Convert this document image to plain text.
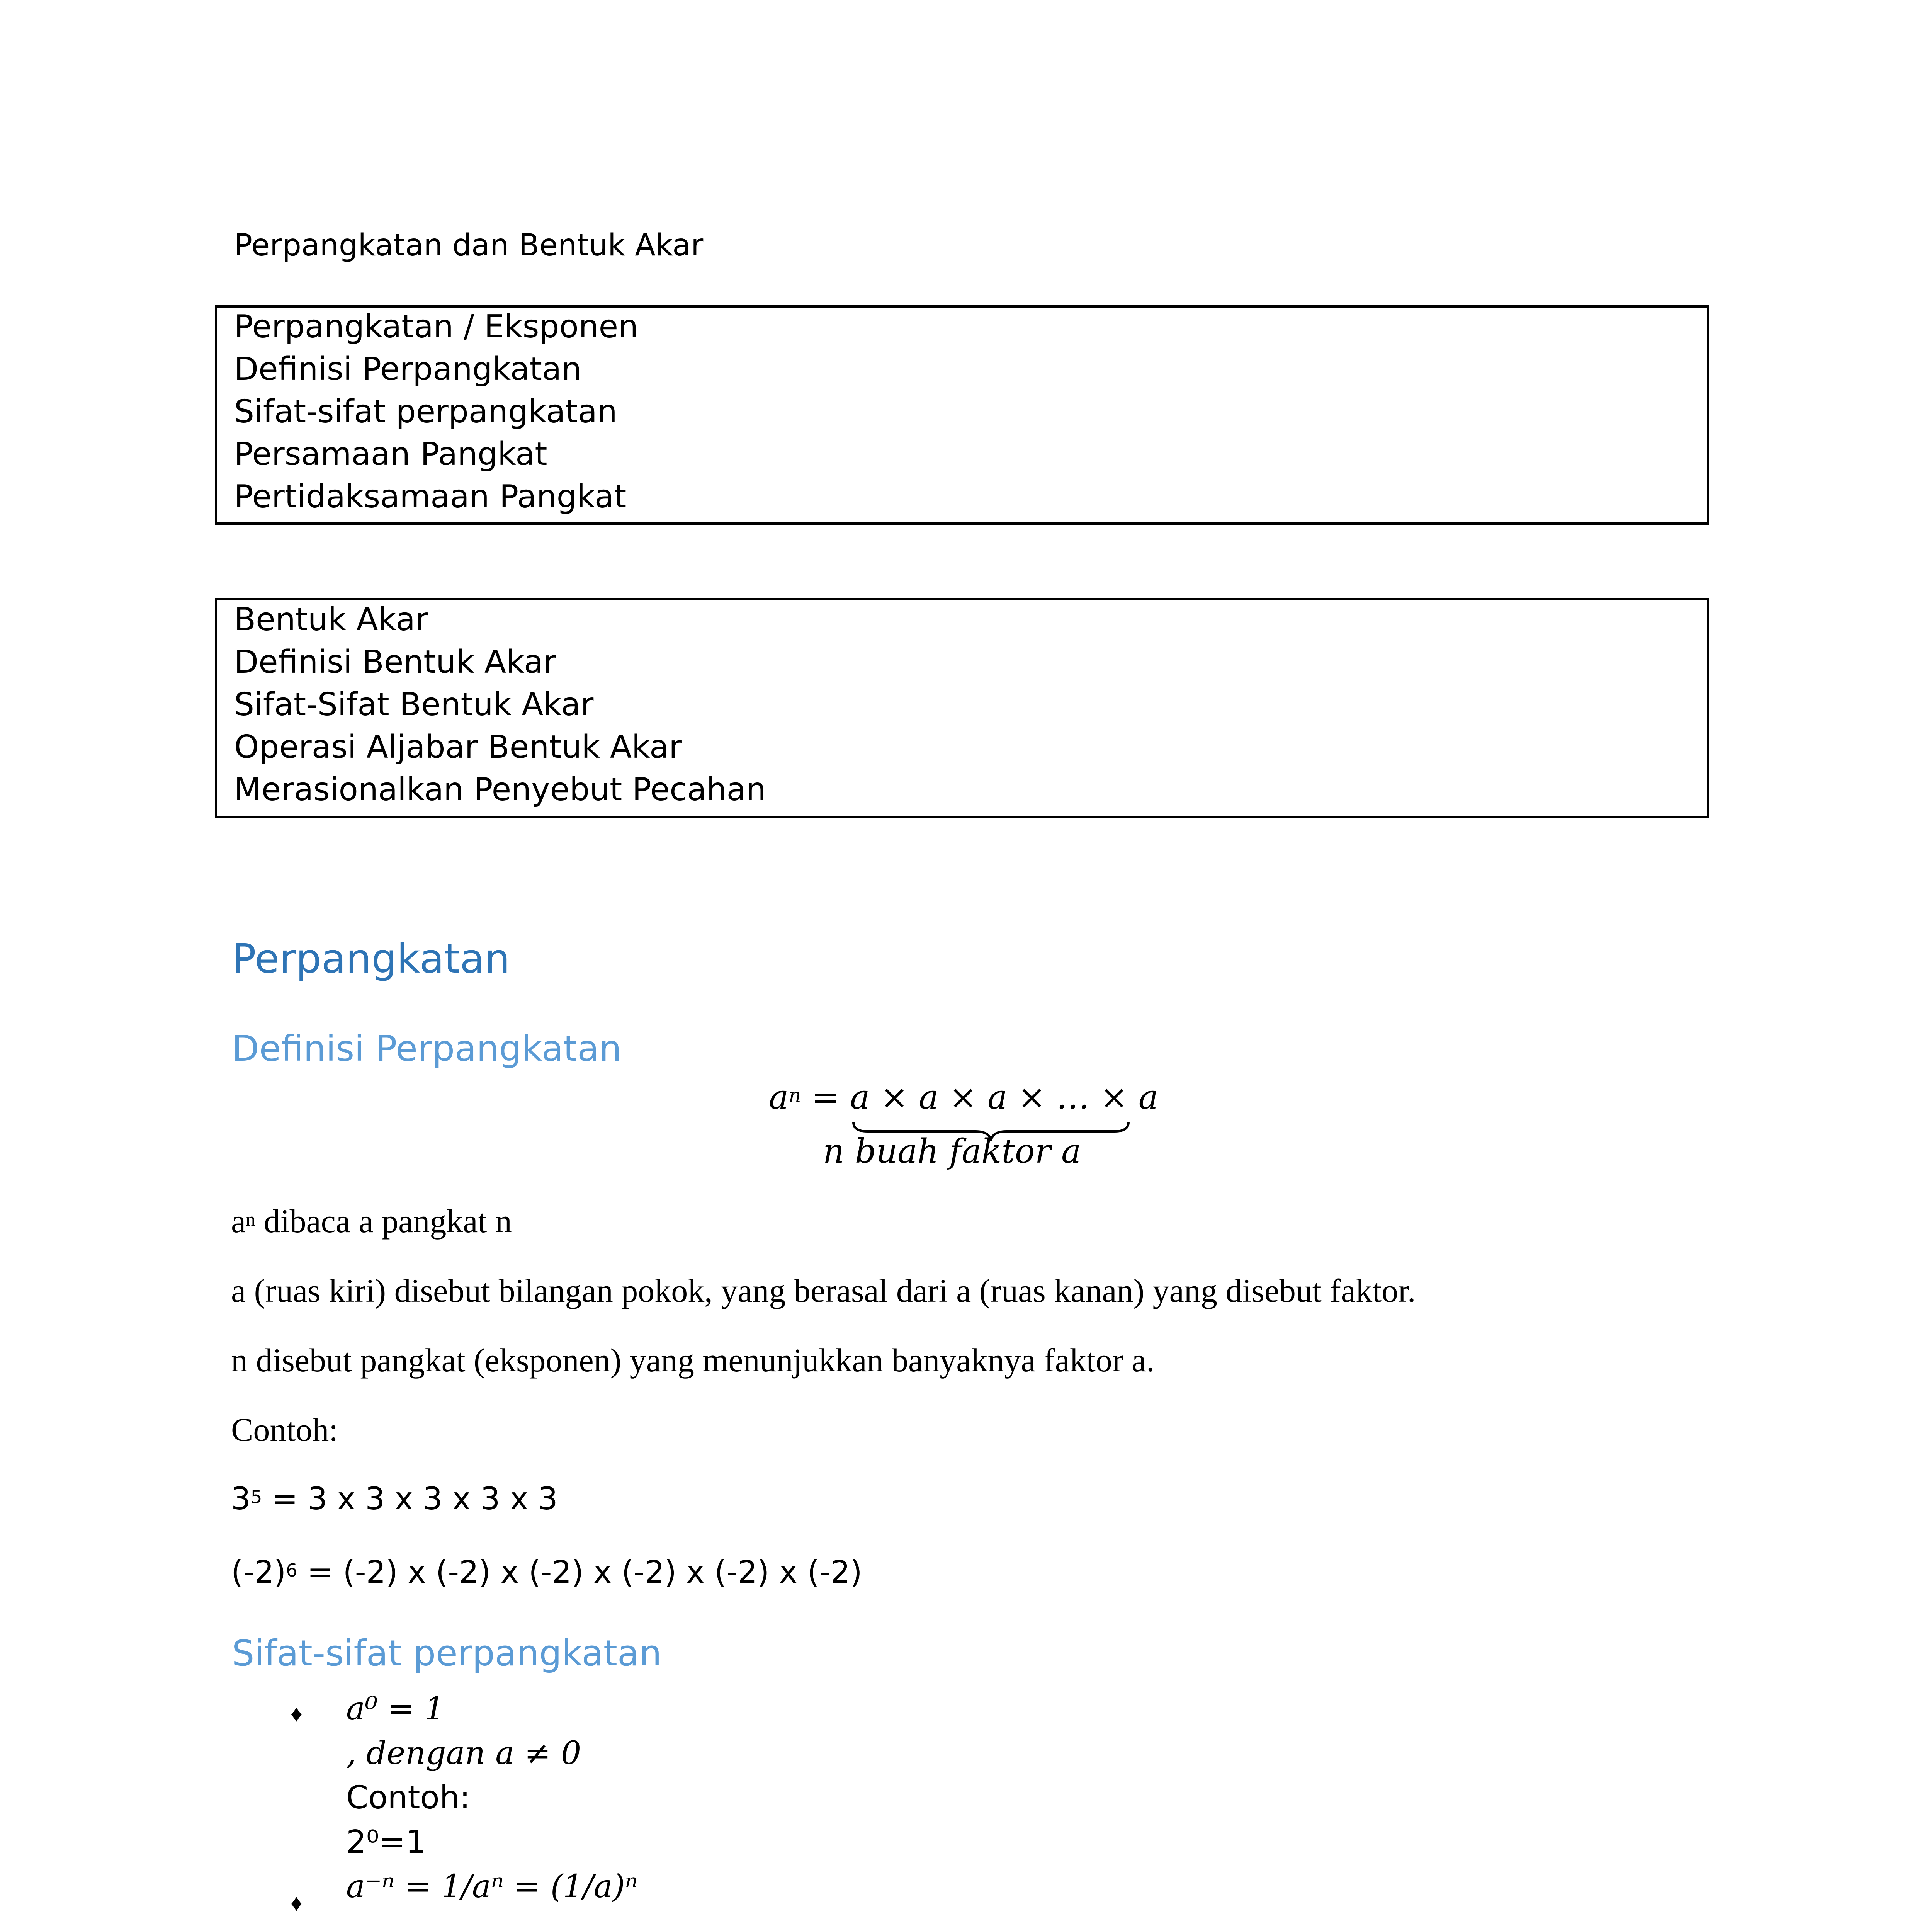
Perpangkatan dan Bentuk Akar
Perpangkatan / Eksponen
Definisi Perpangkatan
Sifat-sifat perpangkatan
Persamaan Pangkat
Pertidaksamaan Pangkat
Bentuk Akar
Definisi Bentuk Akar
Sifat-Sifat Bentuk Akar
Operasi Aljabar Bentuk Akar
Merasionalkan Penyebut Pecahan
Perpangkatan
Definisi Perpangkatan
$a^n = a \times a \times a$ × … × a
n buah faktor a
$a^n$ dibaca a pangkat n
a (ruas kiri) disebut bilangan pokok, yang berasal dari a (ruas kanan) yang disebut faktor.
n disebut pangkat (eksponen) yang menunjukkan banyaknya faktor a.
Contoh:
$3^5 = 3$ x 3 x 3 x 3 x 3
$(-2)^6 = (-2)$ x (-2) x (-2) x (-2) x (-2) x (-2)
Sifat-sifat perpangkatan
♦ a⁰ = 1
, dengan a ≠ 0
Contoh:
2⁰=1
♦ a⁻ⁿ = 1/aⁿ = (1/a)ⁿ
